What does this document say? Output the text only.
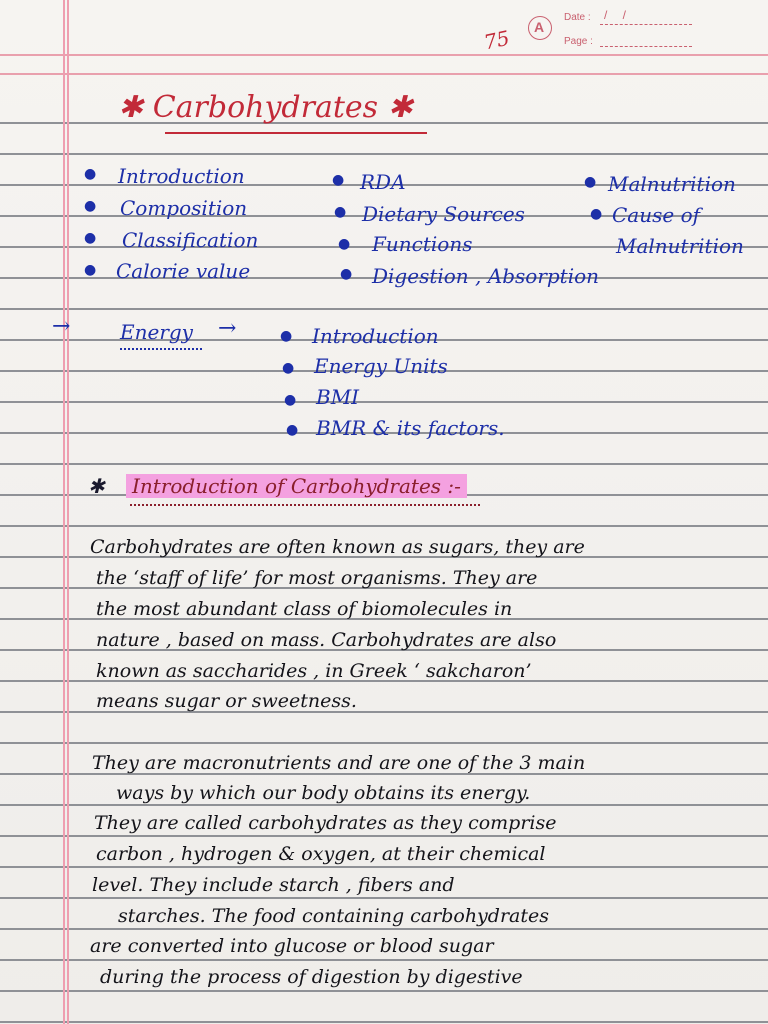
A
75
Date : / /
Page :
✱ Carbohydrates ✱
● Introduction
● Composition
● Classification
● Calorie value
● RDA
● Dietary Sources
● Functions
● Digestion , Absorption
● Malnutrition
● Cause of
Malnutrition
→ Energy →	● Introduction
● Energy Units
● BMI
● BMR & its factors.
✱	Introduction of Carbohydrates :-
Carbohydrates are often known as sugars, they are
the ‘staff of life’ for most organisms. They are
the most abundant class of biomolecules in
nature , based on mass. Carbohydrates are also
known as saccharides , in Greek ‘ sakcharon’
means sugar or sweetness.
They are macronutrients and are one of the 3 main
ways by which our body obtains its energy.
They are called carbohydrates as they comprise
carbon , hydrogen & oxygen, at their chemical
level. They include starch , fibers and
starches. The food containing carbohydrates
are converted into glucose or blood sugar
during the process of digestion by digestive
